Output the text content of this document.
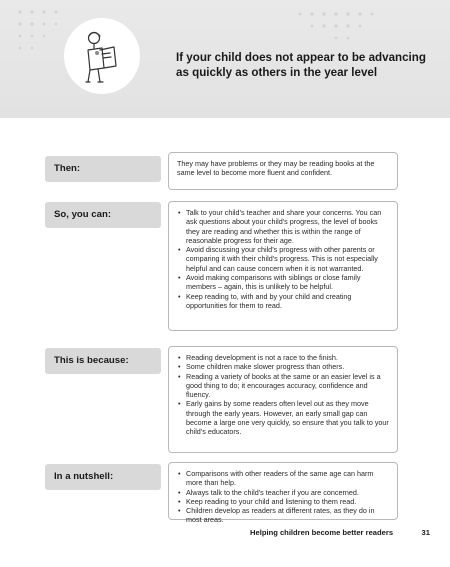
If your child does not appear to be advancing
as quickly as others in the year level
Then:	They may have problems or they may be reading books at the same level to become more fluent and confident.

So, you can:	• Talk to your child’s teacher and share your concerns. You can ask questions about your child’s progress, the level of books they are reading and whether this is within the range of reasonable progress for their age.
• Avoid discussing your child’s progress with other parents or comparing it with their child’s progress. This is not especially helpful and can cause concern when it is not warranted.
• Avoid making comparisons with siblings or close family members – again, this is unlikely to be helpful.
• Keep reading to, with and by your child and creating opportunities for them to read.
This is because:	• Reading development is not a race to the finish.
• Some children make slower progress than others.
• Reading a variety of books at the same or an easier level is a good thing to do; it encourages accuracy, confidence and fluency.
• Early gains by some readers often level out as they move through the early years. However, an early small gap can become a large one very quickly, so ensure that you talk to your child’s educators.
In a nutshell:	• Comparisons with other readers of the same age can harm more than help.
• Always talk to the child’s teacher if you are concerned.
• Keep reading to your child and listening to them read.
• Children develop as readers at different rates, as they do in most areas.
Helping children become better readers	31
